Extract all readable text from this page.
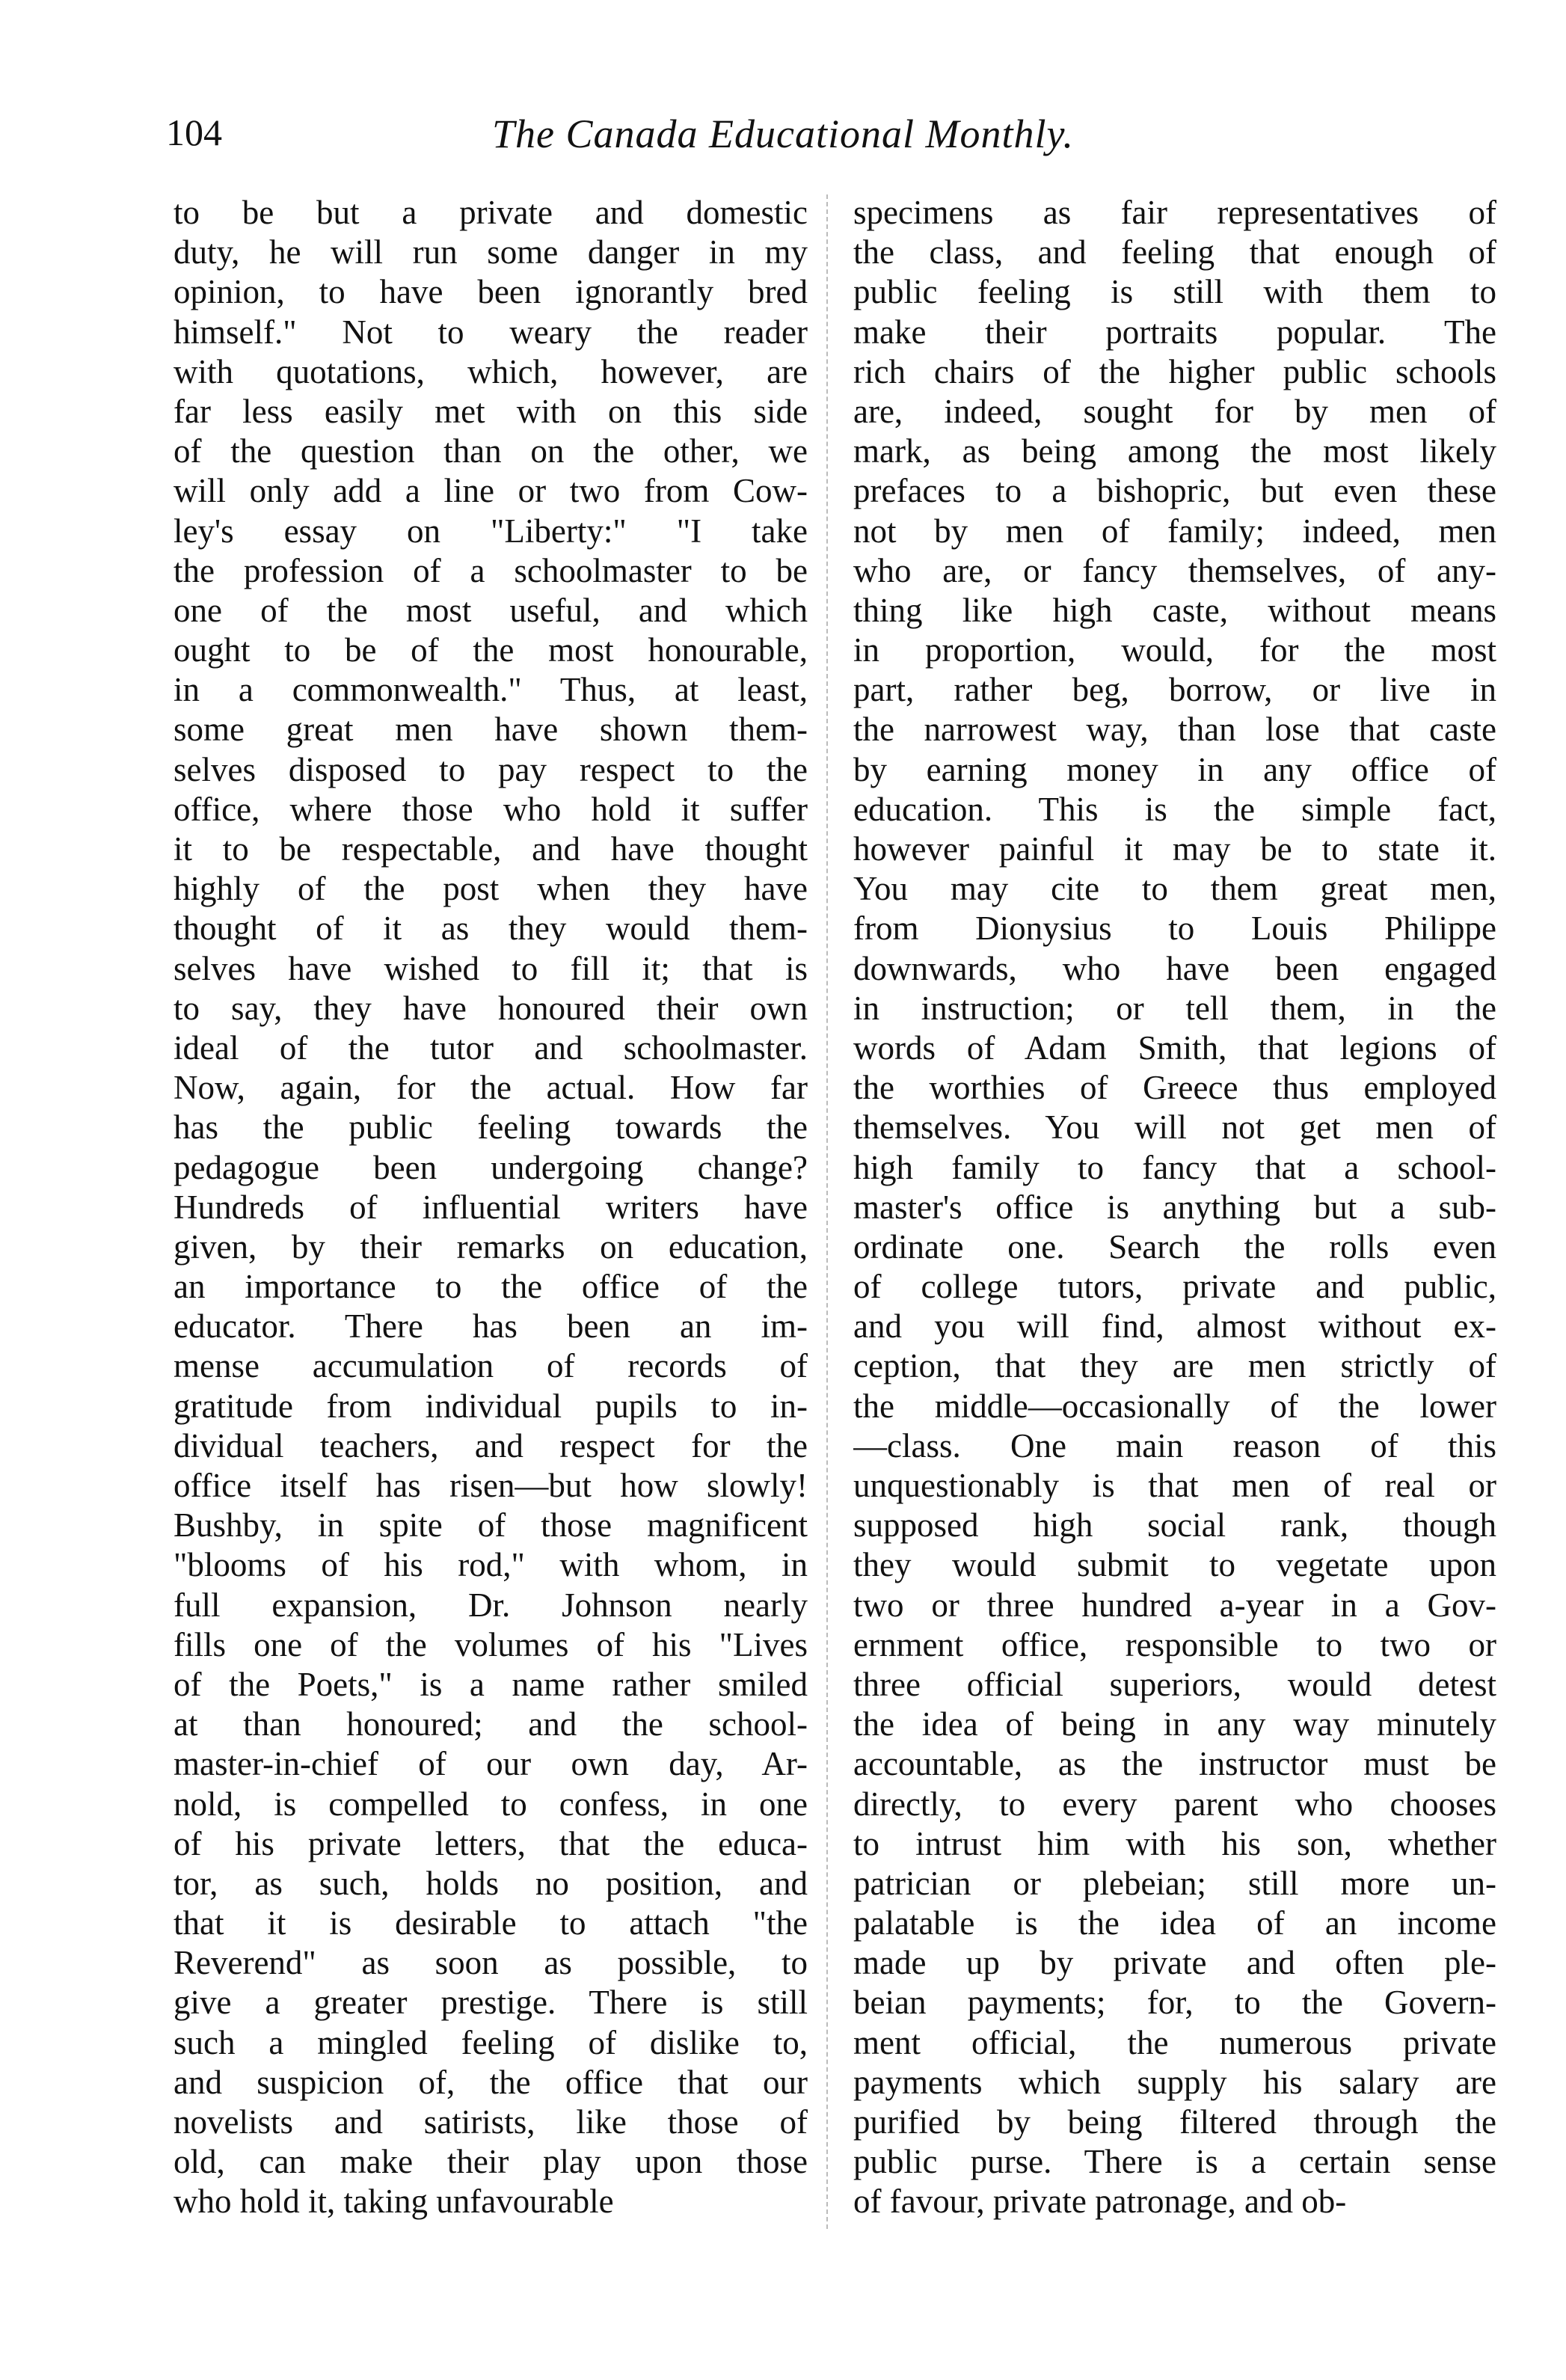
104	The Canada Educational Monthly.
to be but a private and domestic
duty, he will run some danger in my
opinion, to have been ignorantly bred
himself." Not to weary the reader
with quotations, which, however, are
far less easily met with on this side
of the question than on the other, we
will only add a line or two from Cow-
ley's essay on "Liberty:" "I take
the profession of a schoolmaster to be
one of the most useful, and which
ought to be of the most honourable,
in a commonwealth." Thus, at least,
some great men have shown them-
selves disposed to pay respect to the
office, where those who hold it suffer
it to be respectable, and have thought
highly of the post when they have
thought of it as they would them-
selves have wished to fill it; that is
to say, they have honoured their own
ideal of the tutor and schoolmaster.
Now, again, for the actual. How far
has the public feeling towards the
pedagogue been undergoing change?
Hundreds of influential writers have
given, by their remarks on education,
an importance to the office of the
educator. There has been an im-
mense accumulation of records of
gratitude from individual pupils to in-
dividual teachers, and respect for the
office itself has risen—but how slowly!
Bushby, in spite of those magnificent
"blooms of his rod," with whom, in
full expansion, Dr. Johnson nearly
fills one of the volumes of his "Lives
of the Poets," is a name rather smiled
at than honoured; and the school-
master-in-chief of our own day, Ar-
nold, is compelled to confess, in one
of his private letters, that the educa-
tor, as such, holds no position, and
that it is desirable to attach "the
Reverend" as soon as possible, to
give a greater prestige. There is still
such a mingled feeling of dislike to,
and suspicion of, the office that our
novelists and satirists, like those of
old, can make their play upon those
who hold it, taking unfavourable
specimens as fair representatives of
the class, and feeling that enough of
public feeling is still with them to
make their portraits popular. The
rich chairs of the higher public schools
are, indeed, sought for by men of
mark, as being among the most likely
prefaces to a bishopric, but even these
not by men of family; indeed, men
who are, or fancy themselves, of any-
thing like high caste, without means
in proportion, would, for the most
part, rather beg, borrow, or live in
the narrowest way, than lose that caste
by earning money in any office of
education. This is the simple fact,
however painful it may be to state it.
You may cite to them great men,
from Dionysius to Louis Philippe
downwards, who have been engaged
in instruction; or tell them, in the
words of Adam Smith, that legions of
the worthies of Greece thus employed
themselves. You will not get men of
high family to fancy that a school-
master's office is anything but a sub-
ordinate one. Search the rolls even
of college tutors, private and public,
and you will find, almost without ex-
ception, that they are men strictly of
the middle—occasionally of the lower
—class. One main reason of this
unquestionably is that men of real or
supposed high social rank, though
they would submit to vegetate upon
two or three hundred a-year in a Gov-
ernment office, responsible to two or
three official superiors, would detest
the idea of being in any way minutely
accountable, as the instructor must be
directly, to every parent who chooses
to intrust him with his son, whether
patrician or plebeian; still more un-
palatable is the idea of an income
made up by private and often ple-
beian payments; for, to the Govern-
ment official, the numerous private
payments which supply his salary are
purified by being filtered through the
public purse. There is a certain sense
of favour, private patronage, and ob-
